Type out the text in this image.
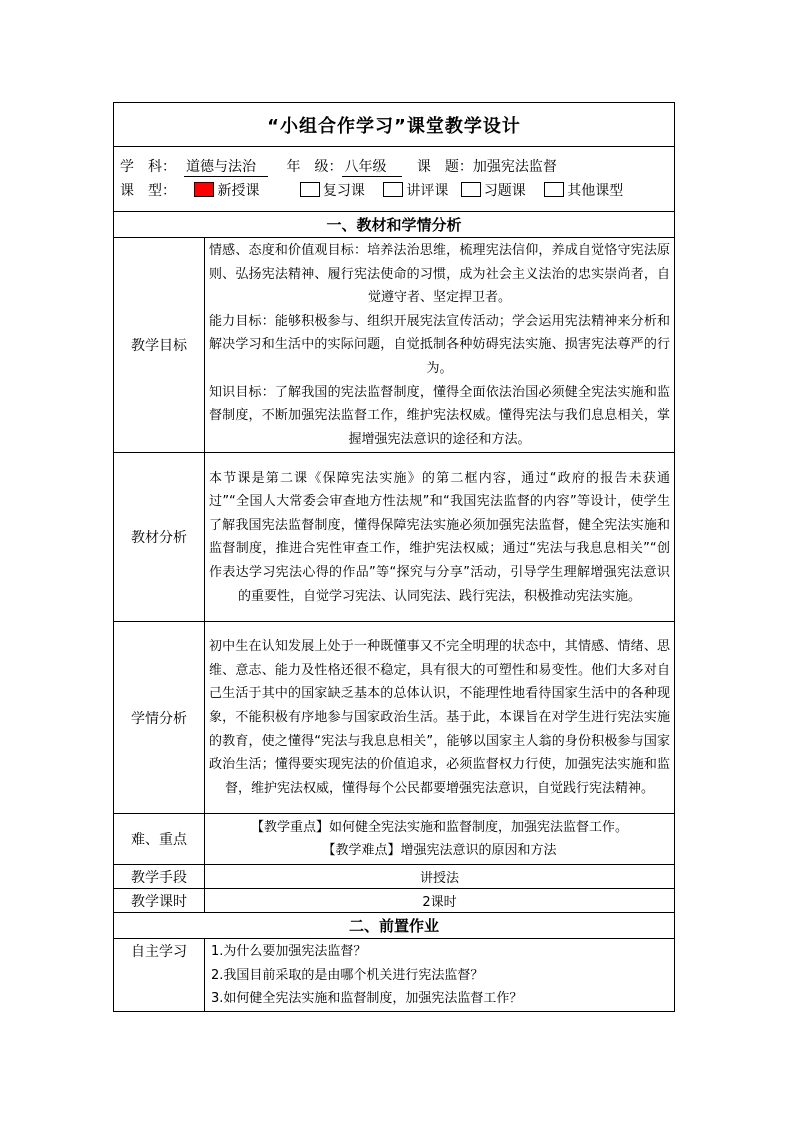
“小组合作学习”课堂教学设计	

学　科： 道德与法治 年　级： 八年级 课　题：加强宪法监督
课　型： 新授课 复习课 讲评课 习题课 其他课型	

一、教材和学情分析	
教学目标	情感、态度和价值观目标：培养法治思维，梳理宪法信仰，养成自觉恪守宪法原则、弘扬宪法精神、履行宪法使命的习惯，成为社会主义法治的忠实崇尚者，自觉遵守者、坚定捍卫者。

能力目标：能够积极参与、组织开展宪法宣传活动；学会运用宪法精神来分析和解决学习和生活中的实际问题，自觉抵制各种妨碍宪法实施、损害宪法尊严的行为。

知识目标：了解我国的宪法监督制度，懂得全面依法治国必须健全宪法实施和监督制度，不断加强宪法监督工作，维护宪法权威。懂得宪法与我们息息相关，掌握增强宪法意识的途径和方法。

教材分析	本节课是第二课《保障宪法实施》的第二框内容，通过“政府的报告未获通过”“全国人大常委会审查地方性法规”和“我国宪法监督的内容”等设计，使学生了解我国宪法监督制度，懂得保障宪法实施必须加强宪法监督，健全宪法实施和监督制度，推进合宪性审查工作，维护宪法权威；通过“宪法与我息息相关”“创作表达学习宪法心得的作品”等“探究与分享”活动，引导学生理解增强宪法意识的重要性，自觉学习宪法、认同宪法、践行宪法，积极推动宪法实施。

学情分析	初中生在认知发展上处于一种既懂事又不完全明理的状态中，其情感、情绪、思维、意志、能力及性格还很不稳定，具有很大的可塑性和易变性。他们大多对自己生活于其中的国家缺乏基本的总体认识，不能理性地看待国家生活中的各种现象，不能积极有序地参与国家政治生活。基于此，本课旨在对学生进行宪法实施的教育，使之懂得“宪法与我息息相关”，能够以国家主人翁的身份积极参与国家政治生活；懂得要实现宪法的价值追求，必须监督权力行使，加强宪法实施和监督，维护宪法权威，懂得每个公民都要增强宪法意识，自觉践行宪法精神。

难、重点	【教学重点】如何健全宪法实施和监督制度，加强宪法监督工作。

【教学难点】增强宪法意识的原因和方法

教学手段	讲授法
教学课时	2课时
二、前置作业	
自主学习	1.为什么要加强宪法监督？

2.我国目前采取的是由哪个机关进行宪法监督？

3.如何健全宪法实施和监督制度，加强宪法监督工作？
